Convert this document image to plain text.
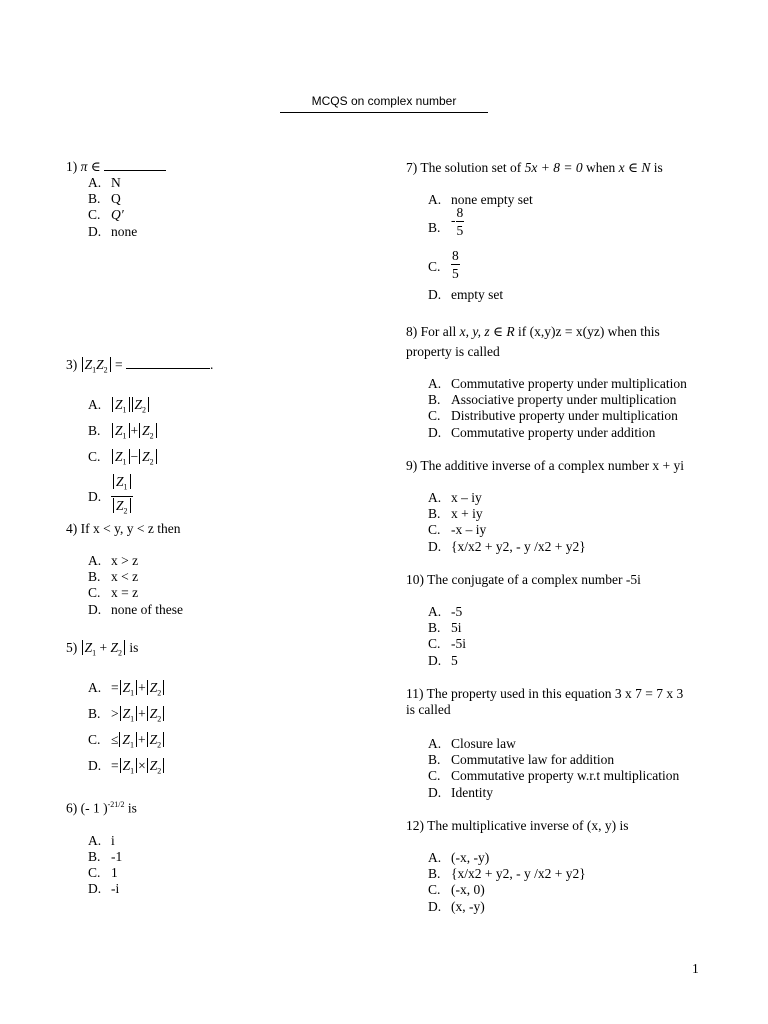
MCQS on complex number
1) π ∈
A. N
B. Q
C. Q′
D. none
3) $Z_1Z_2$ =	.
A.	$Z_1$ $Z_2$
B.	$Z_1 + Z_2$
C.	$Z_1 - Z_2$
D. $\frac{Z_1}{Z_2}$
4) If x < y, y < z then
A. x > z
B. x < z
C. x = z
D. none of these
5) $Z_1 + Z_2$ is
A. = $Z_1 + Z_2$
B. > $Z_1 + Z_2$
C. ≤ $Z_1 + Z_2$
D. = $Z_1 \times Z_2$
6) (- 1 )$^{-21/2}$ is
A. i
B. -1
C. 1
D. -i
7) The solution set of 5x + 8 = 0 when x ∈ N is
A. none empty set
B. - $\frac{8}{5}$
C. $\frac{8}{5}$
D. empty set
8) For all x, y, z ∈ R if (x,y)z = x(yz) when this
property is called
A. Commutative property under multiplication
B. Associative property under multiplication
C. Distributive property under multiplication
D. Commutative property under addition
9) The additive inverse of a complex number x + yi
A. x – iy
B. x + iy
C. -x – iy
D. {x/x2 + y2, - y /x2 + y2}
10) The conjugate of a complex number -5i
A. -5
B. 5i
C. -5i
D. 5
11) The property used in this equation 3 x 7 = 7 x 3
is called
A. Closure law
B. Commutative law for addition
C. Commutative property w.r.t multiplication
D. Identity
12) The multiplicative inverse of (x, y) is
A. (-x, -y)
B. {x/x2 + y2, - y /x2 + y2}
C. (-x, 0)
D. (x, -y)
1
